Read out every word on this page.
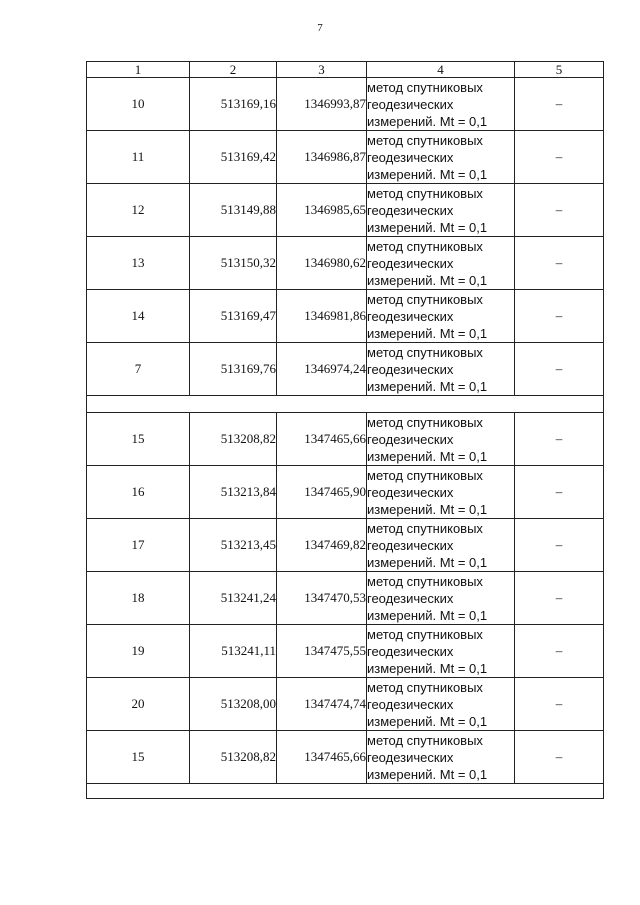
7
1	2	3	4	5
10	513169,16	1346993,87	метод спутниковых
геодезических
измерений. Mt = 0,1	–
11	513169,42	1346986,87	метод спутниковых
геодезических
измерений. Mt = 0,1	–
12	513149,88	1346985,65	метод спутниковых
геодезических
измерений. Mt = 0,1	–
13	513150,32	1346980,62	метод спутниковых
геодезических
измерений. Mt = 0,1	–
14	513169,47	1346981,86	метод спутниковых
геодезических
измерений. Mt = 0,1	–
7	513169,76	1346974,24	метод спутниковых
геодезических
измерений. Mt = 0,1	–

15	513208,82	1347465,66	метод спутниковых
геодезических
измерений. Mt = 0,1	–
16	513213,84	1347465,90	метод спутниковых
геодезических
измерений. Mt = 0,1	–
17	513213,45	1347469,82	метод спутниковых
геодезических
измерений. Mt = 0,1	–
18	513241,24	1347470,53	метод спутниковых
геодезических
измерений. Mt = 0,1	–
19	513241,11	1347475,55	метод спутниковых
геодезических
измерений. Mt = 0,1	–
20	513208,00	1347474,74	метод спутниковых
геодезических
измерений. Mt = 0,1	–
15	513208,82	1347465,66	метод спутниковых
геодезических
измерений. Mt = 0,1	–
